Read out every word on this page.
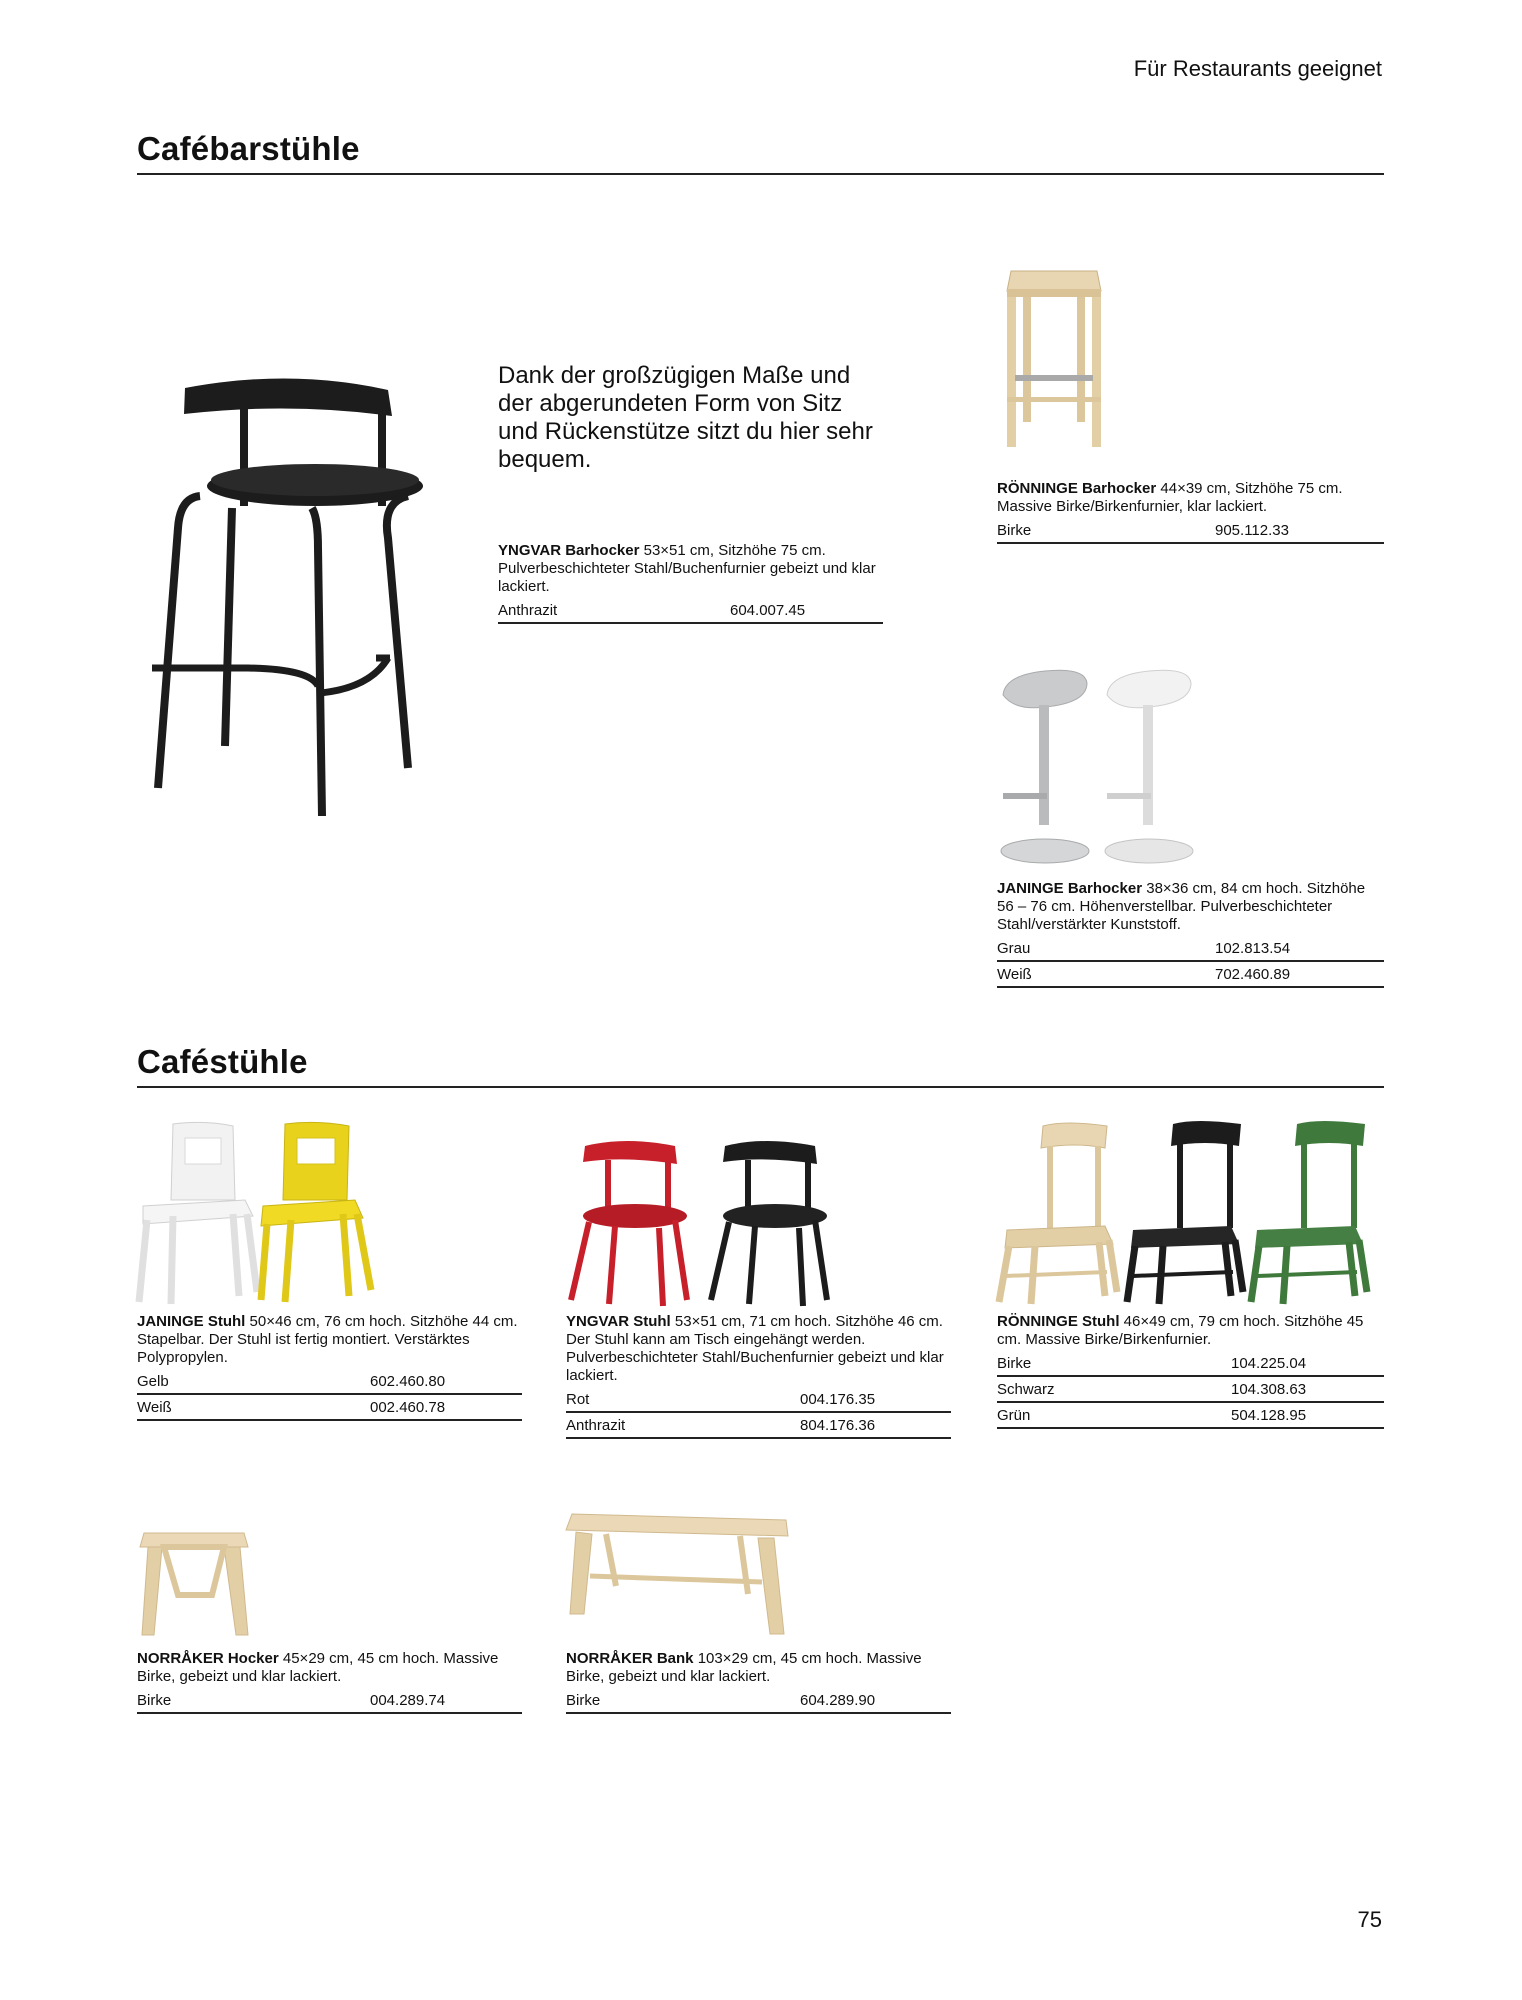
Für Restaurants geeignet
Cafébarstühle
Dank der großzügigen Maße und der abgerundeten Form von Sitz und Rückenstütze sitzt du hier sehr bequem.
YNGVAR Barhocker 53×51 cm, Sitzhöhe 75 cm. Pulverbeschichteter Stahl/Buchenfurnier gebeizt und klar lackiert.
Anthrazit	604.007.45
RÖNNINGE Barhocker 44×39 cm, Sitzhöhe 75 cm. Massive Birke/Birkenfurnier, klar lackiert.
Birke	905.112.33
JANINGE Barhocker 38×36 cm, 84 cm hoch. Sitzhöhe 56 – 76 cm. Höhenverstellbar. Pulverbeschichteter Stahl/verstärkter Kunststoff.
Grau	102.813.54
Weiß	702.460.89
Caféstühle
JANINGE Stuhl 50×46 cm, 76 cm hoch. Sitzhöhe 44 cm. Stapelbar. Der Stuhl ist fertig montiert. Verstärktes Polypropylen.
Gelb	602.460.80
Weiß	002.460.78
YNGVAR Stuhl 53×51 cm, 71 cm hoch. Sitzhöhe 46 cm. Der Stuhl kann am Tisch eingehängt werden. Pulverbeschichteter Stahl/Buchenfurnier gebeizt und klar lackiert.
Rot	004.176.35
Anthrazit	804.176.36
RÖNNINGE Stuhl 46×49 cm, 79 cm hoch. Sitzhöhe 45 cm. Massive Birke/Birkenfurnier.
Birke	104.225.04
Schwarz	104.308.63
Grün	504.128.95
NORRÅKER Hocker 45×29 cm, 45 cm hoch. Massive Birke, gebeizt und klar lackiert.
Birke	004.289.74
NORRÅKER Bank 103×29 cm, 45 cm hoch. Massive Birke, gebeizt und klar lackiert.
Birke	604.289.90
75
